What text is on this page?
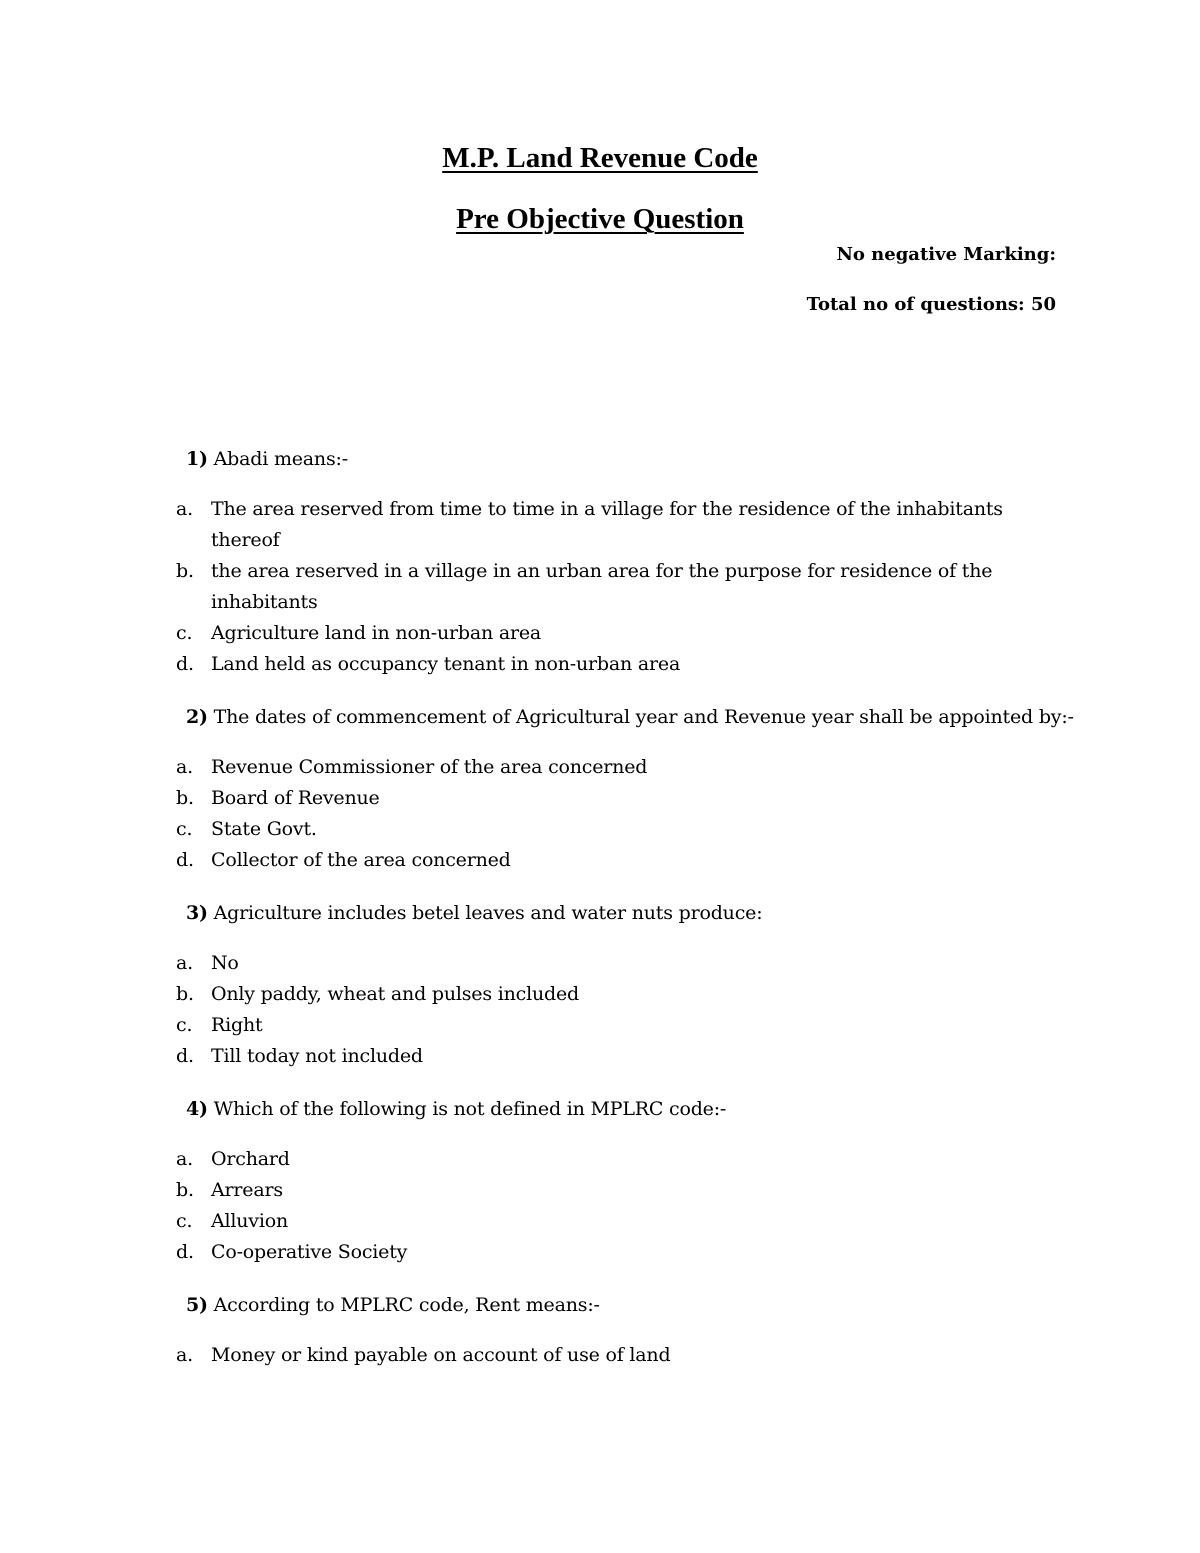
M.P. Land Revenue Code
Pre Objective Question
No negative Marking:
Total no of questions: 50
1) Abadi means:-
a. The area reserved from time to time in a village for the residence of the inhabitants thereof
b. the area reserved in a village in an urban area for the purpose for residence of the inhabitants
c. Agriculture land in non-urban area
d. Land held as occupancy tenant in non-urban area
2) The dates of commencement of Agricultural year and Revenue year shall be appointed by:-
a. Revenue Commissioner of the area concerned
b. Board of Revenue
c. State Govt.
d. Collector of the area concerned
3) Agriculture includes betel leaves and water nuts produce:
a. No
b. Only paddy, wheat and pulses included
c. Right
d. Till today not included
4) Which of the following is not defined in MPLRC code:-
a. Orchard
b. Arrears
c. Alluvion
d. Co-operative Society
5) According to MPLRC code, Rent means:-
a. Money or kind payable on account of use of land
